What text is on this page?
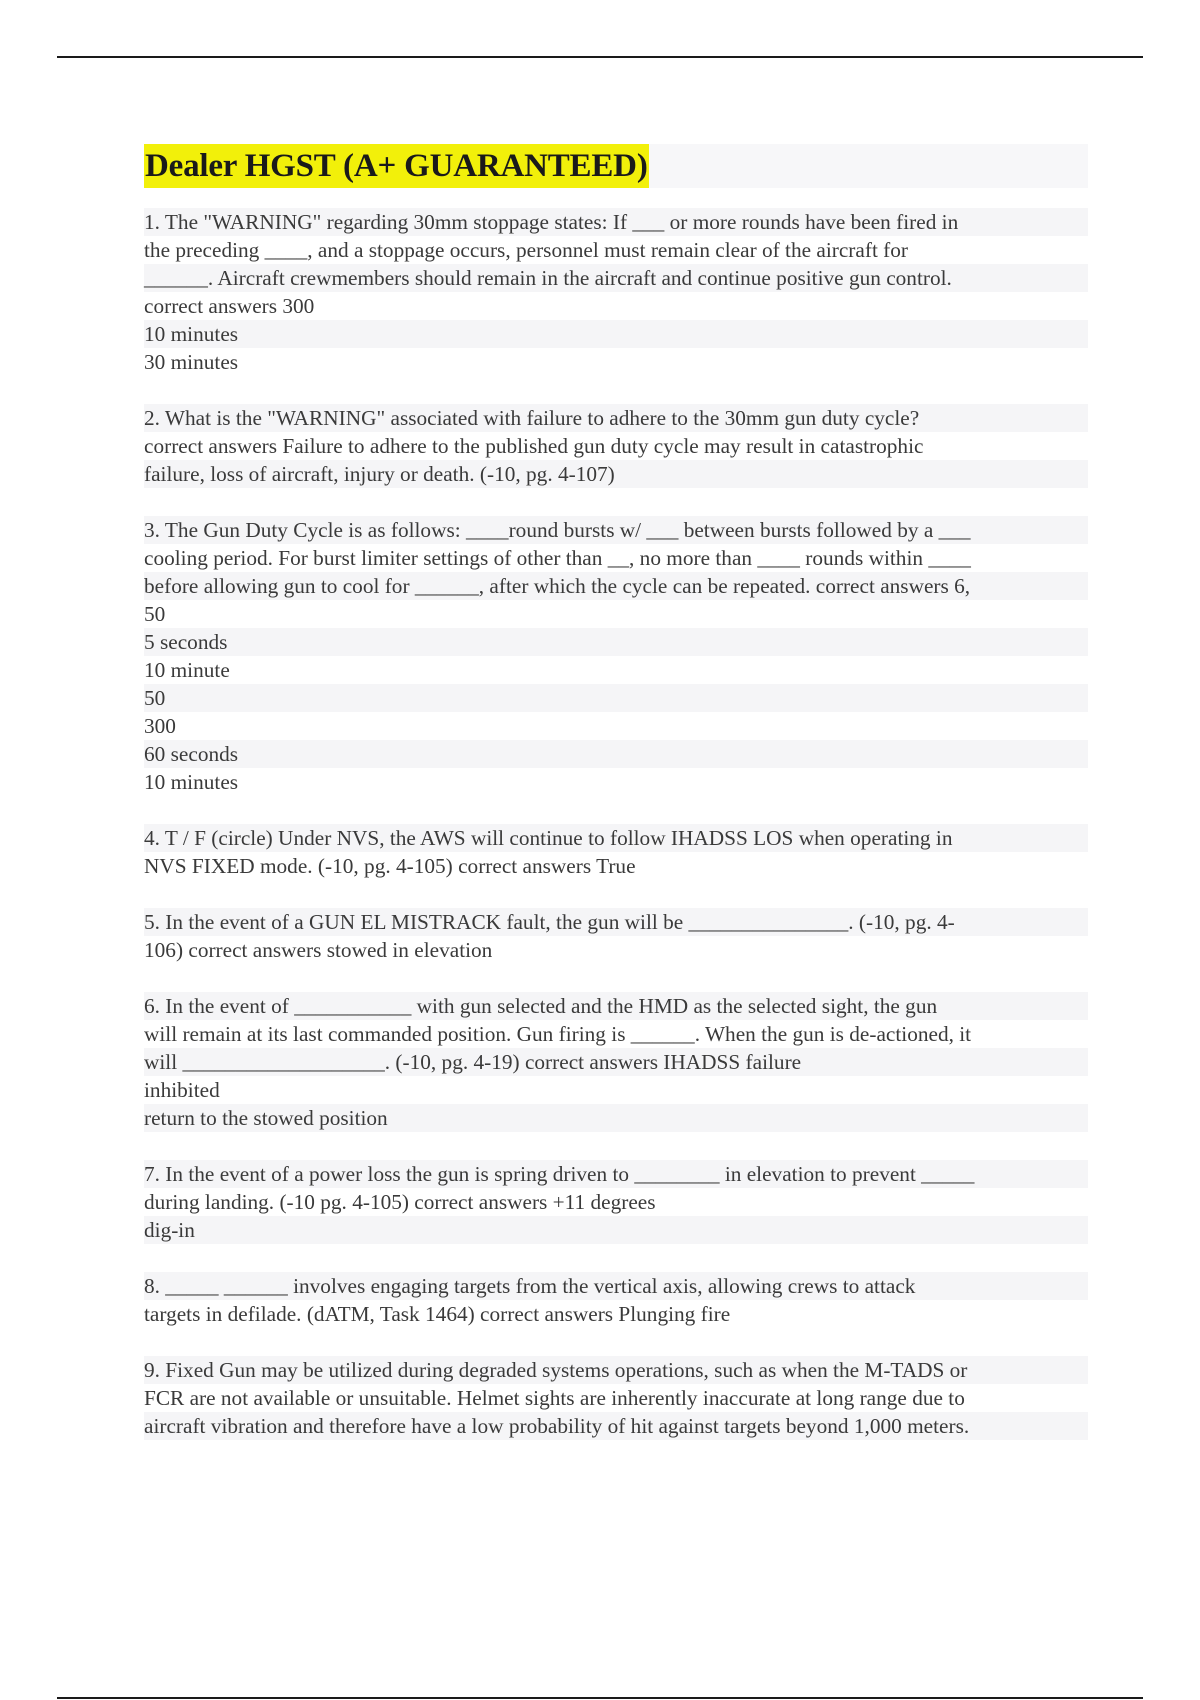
Dealer HGST (A+ GUARANTEED)
1. The "WARNING" regarding 30mm stoppage states: If ___ or more rounds have been fired in
the preceding ____, and a stoppage occurs, personnel must remain clear of the aircraft for
______. Aircraft crewmembers should remain in the aircraft and continue positive gun control.
correct answers 300
10 minutes
30 minutes
2. What is the "WARNING" associated with failure to adhere to the 30mm gun duty cycle?
correct answers Failure to adhere to the published gun duty cycle may result in catastrophic
failure, loss of aircraft, injury or death. (-10, pg. 4-107)
3. The Gun Duty Cycle is as follows: ____round bursts w/ ___ between bursts followed by a ___
cooling period. For burst limiter settings of other than __, no more than ____ rounds within ____
before allowing gun to cool for ______, after which the cycle can be repeated. correct answers 6,
50
5 seconds
10 minute
50
300
60 seconds
10 minutes
4. T / F (circle) Under NVS, the AWS will continue to follow IHADSS LOS when operating in
NVS FIXED mode. (-10, pg. 4-105) correct answers True
5. In the event of a GUN EL MISTRACK fault, the gun will be _______________. (-10, pg. 4-
106) correct answers stowed in elevation
6. In the event of ___________ with gun selected and the HMD as the selected sight, the gun
will remain at its last commanded position. Gun firing is ______. When the gun is de-actioned, it
will ___________________. (-10, pg. 4-19) correct answers IHADSS failure
inhibited
return to the stowed position
7. In the event of a power loss the gun is spring driven to ________ in elevation to prevent _____
during landing. (-10 pg. 4-105) correct answers +11 degrees
dig-in
8. _____ ______ involves engaging targets from the vertical axis, allowing crews to attack
targets in defilade. (dATM, Task 1464) correct answers Plunging fire
9. Fixed Gun may be utilized during degraded systems operations, such as when the M-TADS or
FCR are not available or unsuitable. Helmet sights are inherently inaccurate at long range due to
aircraft vibration and therefore have a low probability of hit against targets beyond 1,000 meters.
